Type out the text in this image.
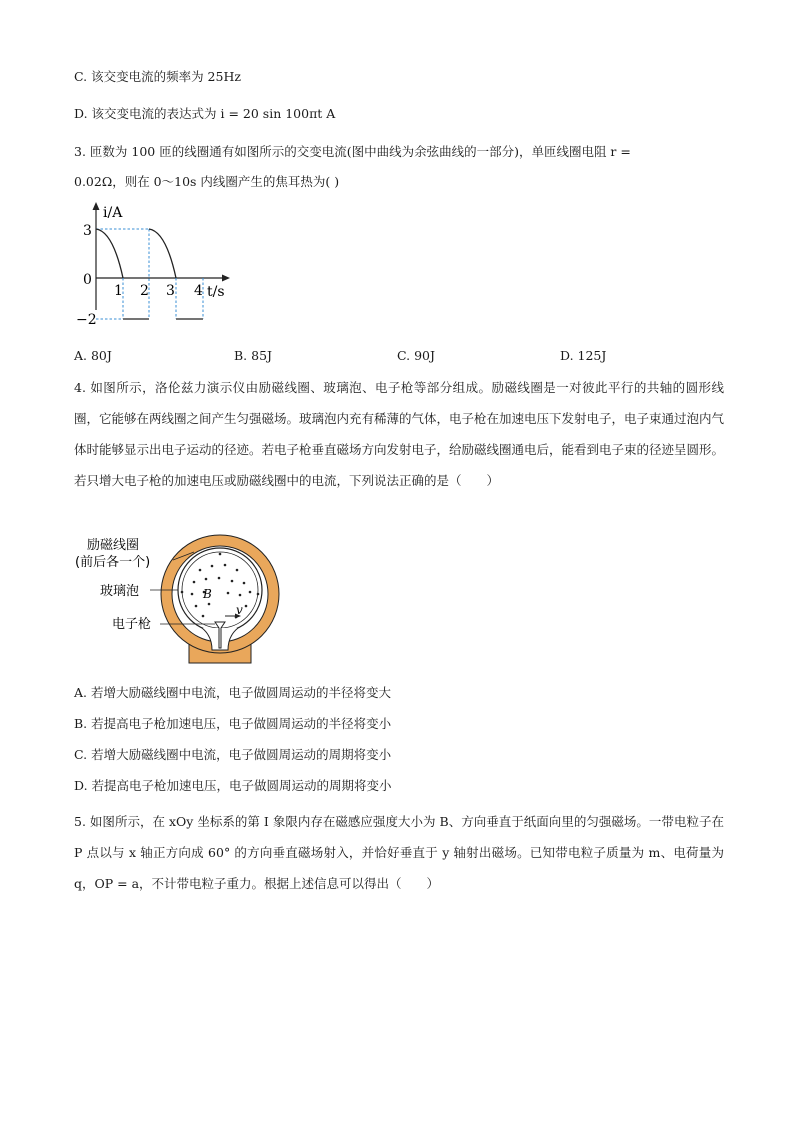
C. 该交变电流的频率为 25Hz
D. 该交变电流的表达式为 i = 20 sin 100πt A
3. 匝数为 100 匝的线圈通有如图所示的交变电流(图中曲线为余弦曲线的一部分)，单匝线圈电阻 r =
0.02Ω，则在 0～10s 内线圈产生的焦耳热为( )
i/A
t/s
0
3
−2
1 2 3 4
A. 80J	B. 85J	C. 90J	D. 125J
4. 如图所示，洛伦兹力演示仪由励磁线圈、玻璃泡、电子枪等部分组成。励磁线圈是一对彼此平行的共轴的圆形线圈，它能够在两线圈之间产生匀强磁场。玻璃泡内充有稀薄的气体，电子枪在加速电压下发射电子，电子束通过泡内气体时能够显示出电子运动的径迹。若电子枪垂直磁场方向发射电子，给励磁线圈通电后，能看到电子束的径迹呈圆形。若只增大电子枪的加速电压或励磁线圈中的电流，下列说法正确的是（　　）
励磁线圈
(前后各一个)
玻璃泡
电子枪
B
v
A. 若增大励磁线圈中电流，电子做圆周运动的半径将变大
B. 若提高电子枪加速电压，电子做圆周运动的半径将变小
C. 若增大励磁线圈中电流，电子做圆周运动的周期将变小
D. 若提高电子枪加速电压，电子做圆周运动的周期将变小
5. 如图所示，在 xOy 坐标系的第 I 象限内存在磁感应强度大小为 B、方向垂直于纸面向里的匀强磁场。一带电粒子在 P 点以与 x 轴正方向成 60° 的方向垂直磁场射入，并恰好垂直于 y 轴射出磁场。已知带电粒子质量为 m、电荷量为 q，OP = a，不计带电粒子重力。根据上述信息可以得出（　　）
